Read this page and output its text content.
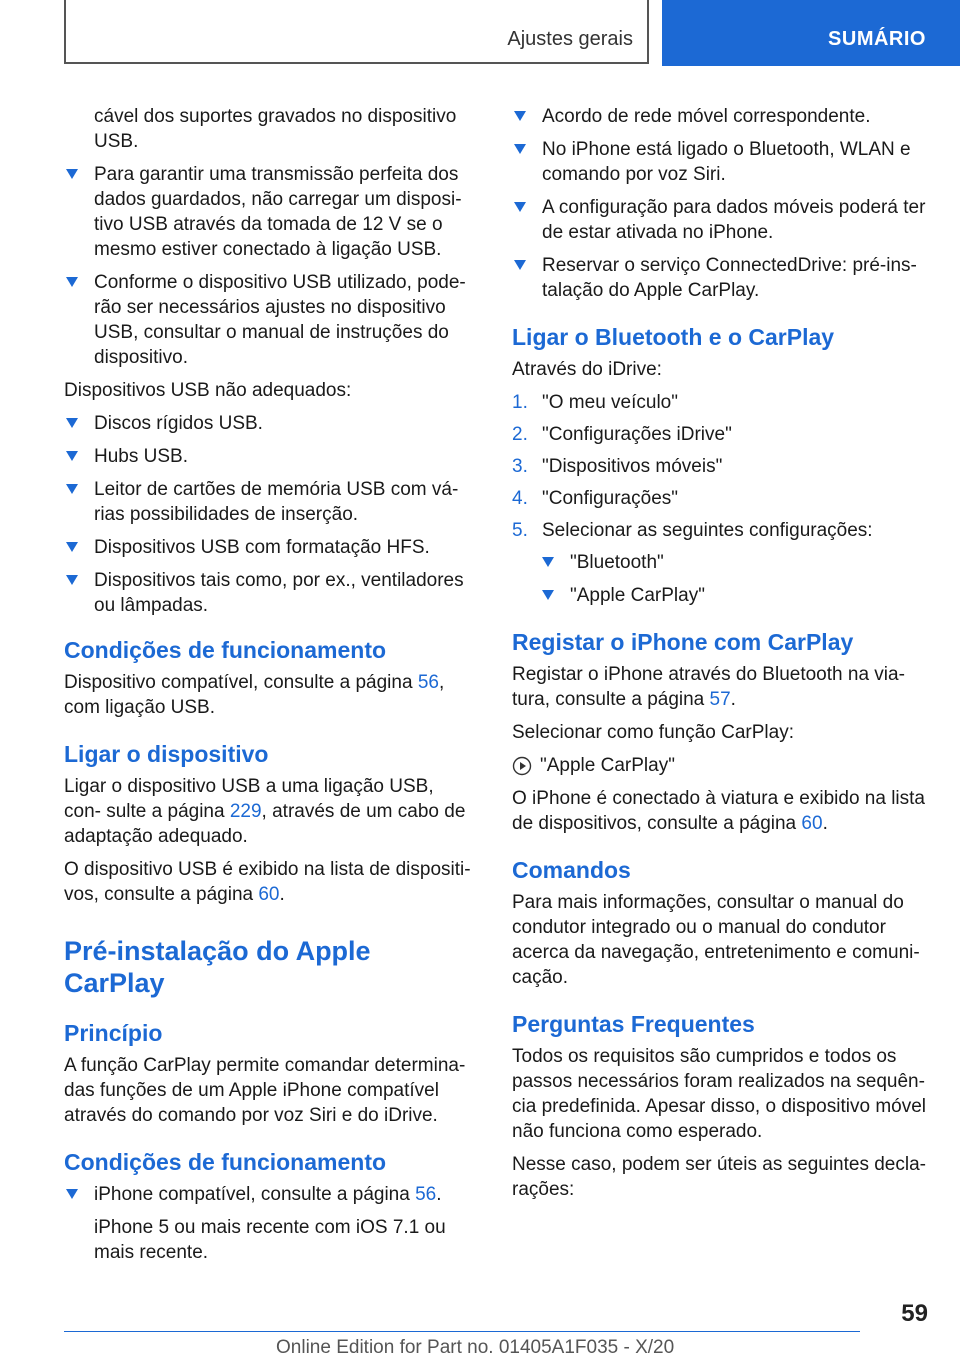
Ajustes gerais	SUMÁRIO

cável dos suportes gravados no dispositivo USB.

Para garantir uma transmissão perfeita dos dados guardados, não carregar um disposi- tivo USB através da tomada de 12 V se o mesmo estiver conectado à ligação USB.
Conforme o dispositivo USB utilizado, pode- rão ser necessários ajustes no dispositivo USB, consultar o manual de instruções do dispositivo.

Dispositivos USB não adequados:

Discos rígidos USB.
Hubs USB.
Leitor de cartões de memória USB com vá- rias possibilidades de inserção.
Dispositivos USB com formatação HFS.
Dispositivos tais como, por ex., ventiladores ou lâmpadas.
Condições de funcionamento

Dispositivo compatível, consulte a página 56, com ligação USB.

Ligar o dispositivo

Ligar o dispositivo USB a uma ligação USB, con- sulte a página 229, através de um cabo de adaptação adequado.

O dispositivo USB é exibido na lista de dispositi- vos, consulte a página 60.

Pré-instalação do Apple CarPlay
Princípio

A função CarPlay permite comandar determina- das funções de um Apple iPhone compatível através do comando por voz Siri e do iDrive.

Condições de funcionamento
iPhone compatível, consulte a página 56.

iPhone 5 ou mais recente com iOS 7.1 ou mais recente.

Acordo de rede móvel correspondente.
No iPhone está ligado o Bluetooth, WLAN e comando por voz Siri.
A configuração para dados móveis poderá ter de estar ativada no iPhone.
Reservar o serviço ConnectedDrive: pré-ins- talação do Apple CarPlay.
Ligar o Bluetooth e o CarPlay

Através do iDrive:

1. "O meu veículo"
2. "Configurações iDrive"
3. "Dispositivos móveis"
4. "Configurações"
5. Selecionar as seguintes configurações:
"Bluetooth"
"Apple CarPlay"
Registar o iPhone com CarPlay

Registar o iPhone através do Bluetooth na via- tura, consulte a página 57.

Selecionar como função CarPlay:

"Apple CarPlay"

O iPhone é conectado à viatura e exibido na lista de dispositivos, consulte a página 60.

Comandos

Para mais informações, consultar o manual do condutor integrado ou o manual do condutor acerca da navegação, entretenimento e comuni- cação.

Perguntas Frequentes

Todos os requisitos são cumpridos e todos os passos necessários foram realizados na sequên- cia predefinida. Apesar disso, o dispositivo móvel não funciona como esperado.

Nesse caso, podem ser úteis as seguintes decla- rações:

59
Online Edition for Part no. 01405A1F035 - X/20
